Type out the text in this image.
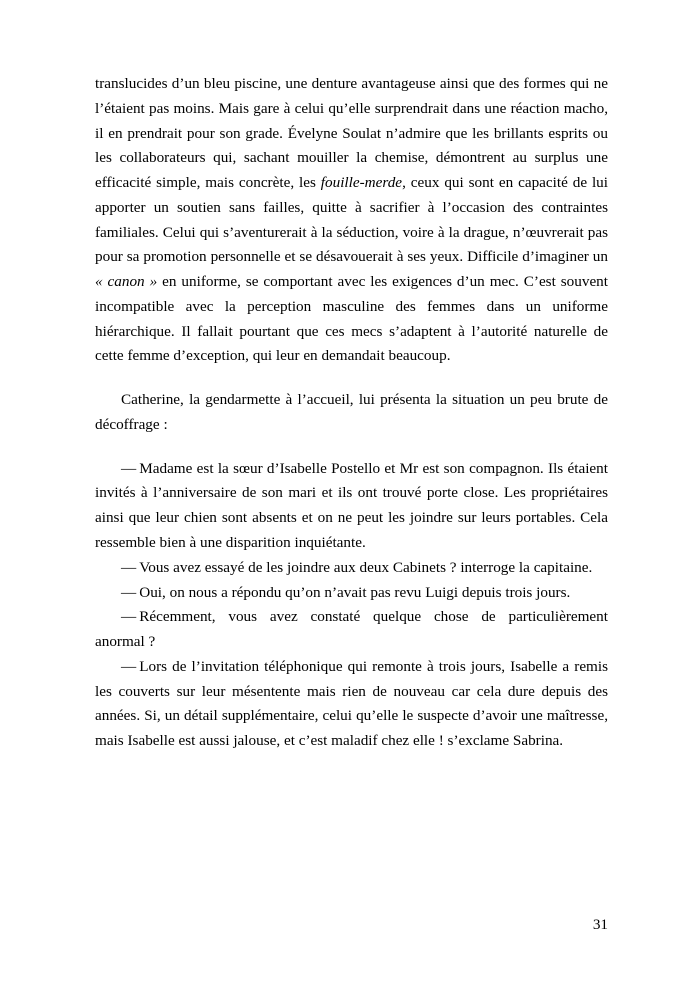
translucides d’un bleu piscine, une denture avantageuse ainsi que des formes qui ne l’étaient pas moins. Mais gare à celui qu’elle surprendrait dans une réaction macho, il en prendrait pour son grade. Évelyne Soulat n’admire que les brillants esprits ou les collaborateurs qui, sachant mouiller la chemise, démontrent au surplus une efficacité simple, mais concrète, les fouille-merde, ceux qui sont en capacité de lui apporter un soutien sans failles, quitte à sacrifier à l’occasion des contraintes familiales. Celui qui s’aventurerait à la séduction, voire à la drague, n’œuvrerait pas pour sa promotion personnelle et se désavouerait à ses yeux. Difficile d’imaginer un « canon » en uniforme, se comportant avec les exigences d’un mec. C’est souvent incompatible avec la perception masculine des femmes dans un uniforme hiérarchique. Il fallait pourtant que ces mecs s’adaptent à l’autorité naturelle de cette femme d’exception, qui leur en demandait beaucoup.

Catherine, la gendarmette à l’accueil, lui présenta la situation un peu brute de décoffrage :

— Madame est la sœur d’Isabelle Postello et Mr est son compagnon. Ils étaient invités à l’anniversaire de son mari et ils ont trouvé porte close. Les propriétaires ainsi que leur chien sont absents et on ne peut les joindre sur leurs portables. Cela ressemble bien à une disparition inquiétante.

— Vous avez essayé de les joindre aux deux Cabinets ? interroge la capitaine.

— Oui, on nous a répondu qu’on n’avait pas revu Luigi depuis trois jours.

— Récemment, vous avez constaté quelque chose de particulièrement anormal ?

— Lors de l’invitation téléphonique qui remonte à trois jours, Isabelle a remis les couverts sur leur mésentente mais rien de nouveau car cela dure depuis des années. Si, un détail supplémentaire, celui qu’elle le suspecte d’avoir une maîtresse, mais Isabelle est aussi jalouse, et c’est maladif chez elle ! s’exclame Sabrina.

31
